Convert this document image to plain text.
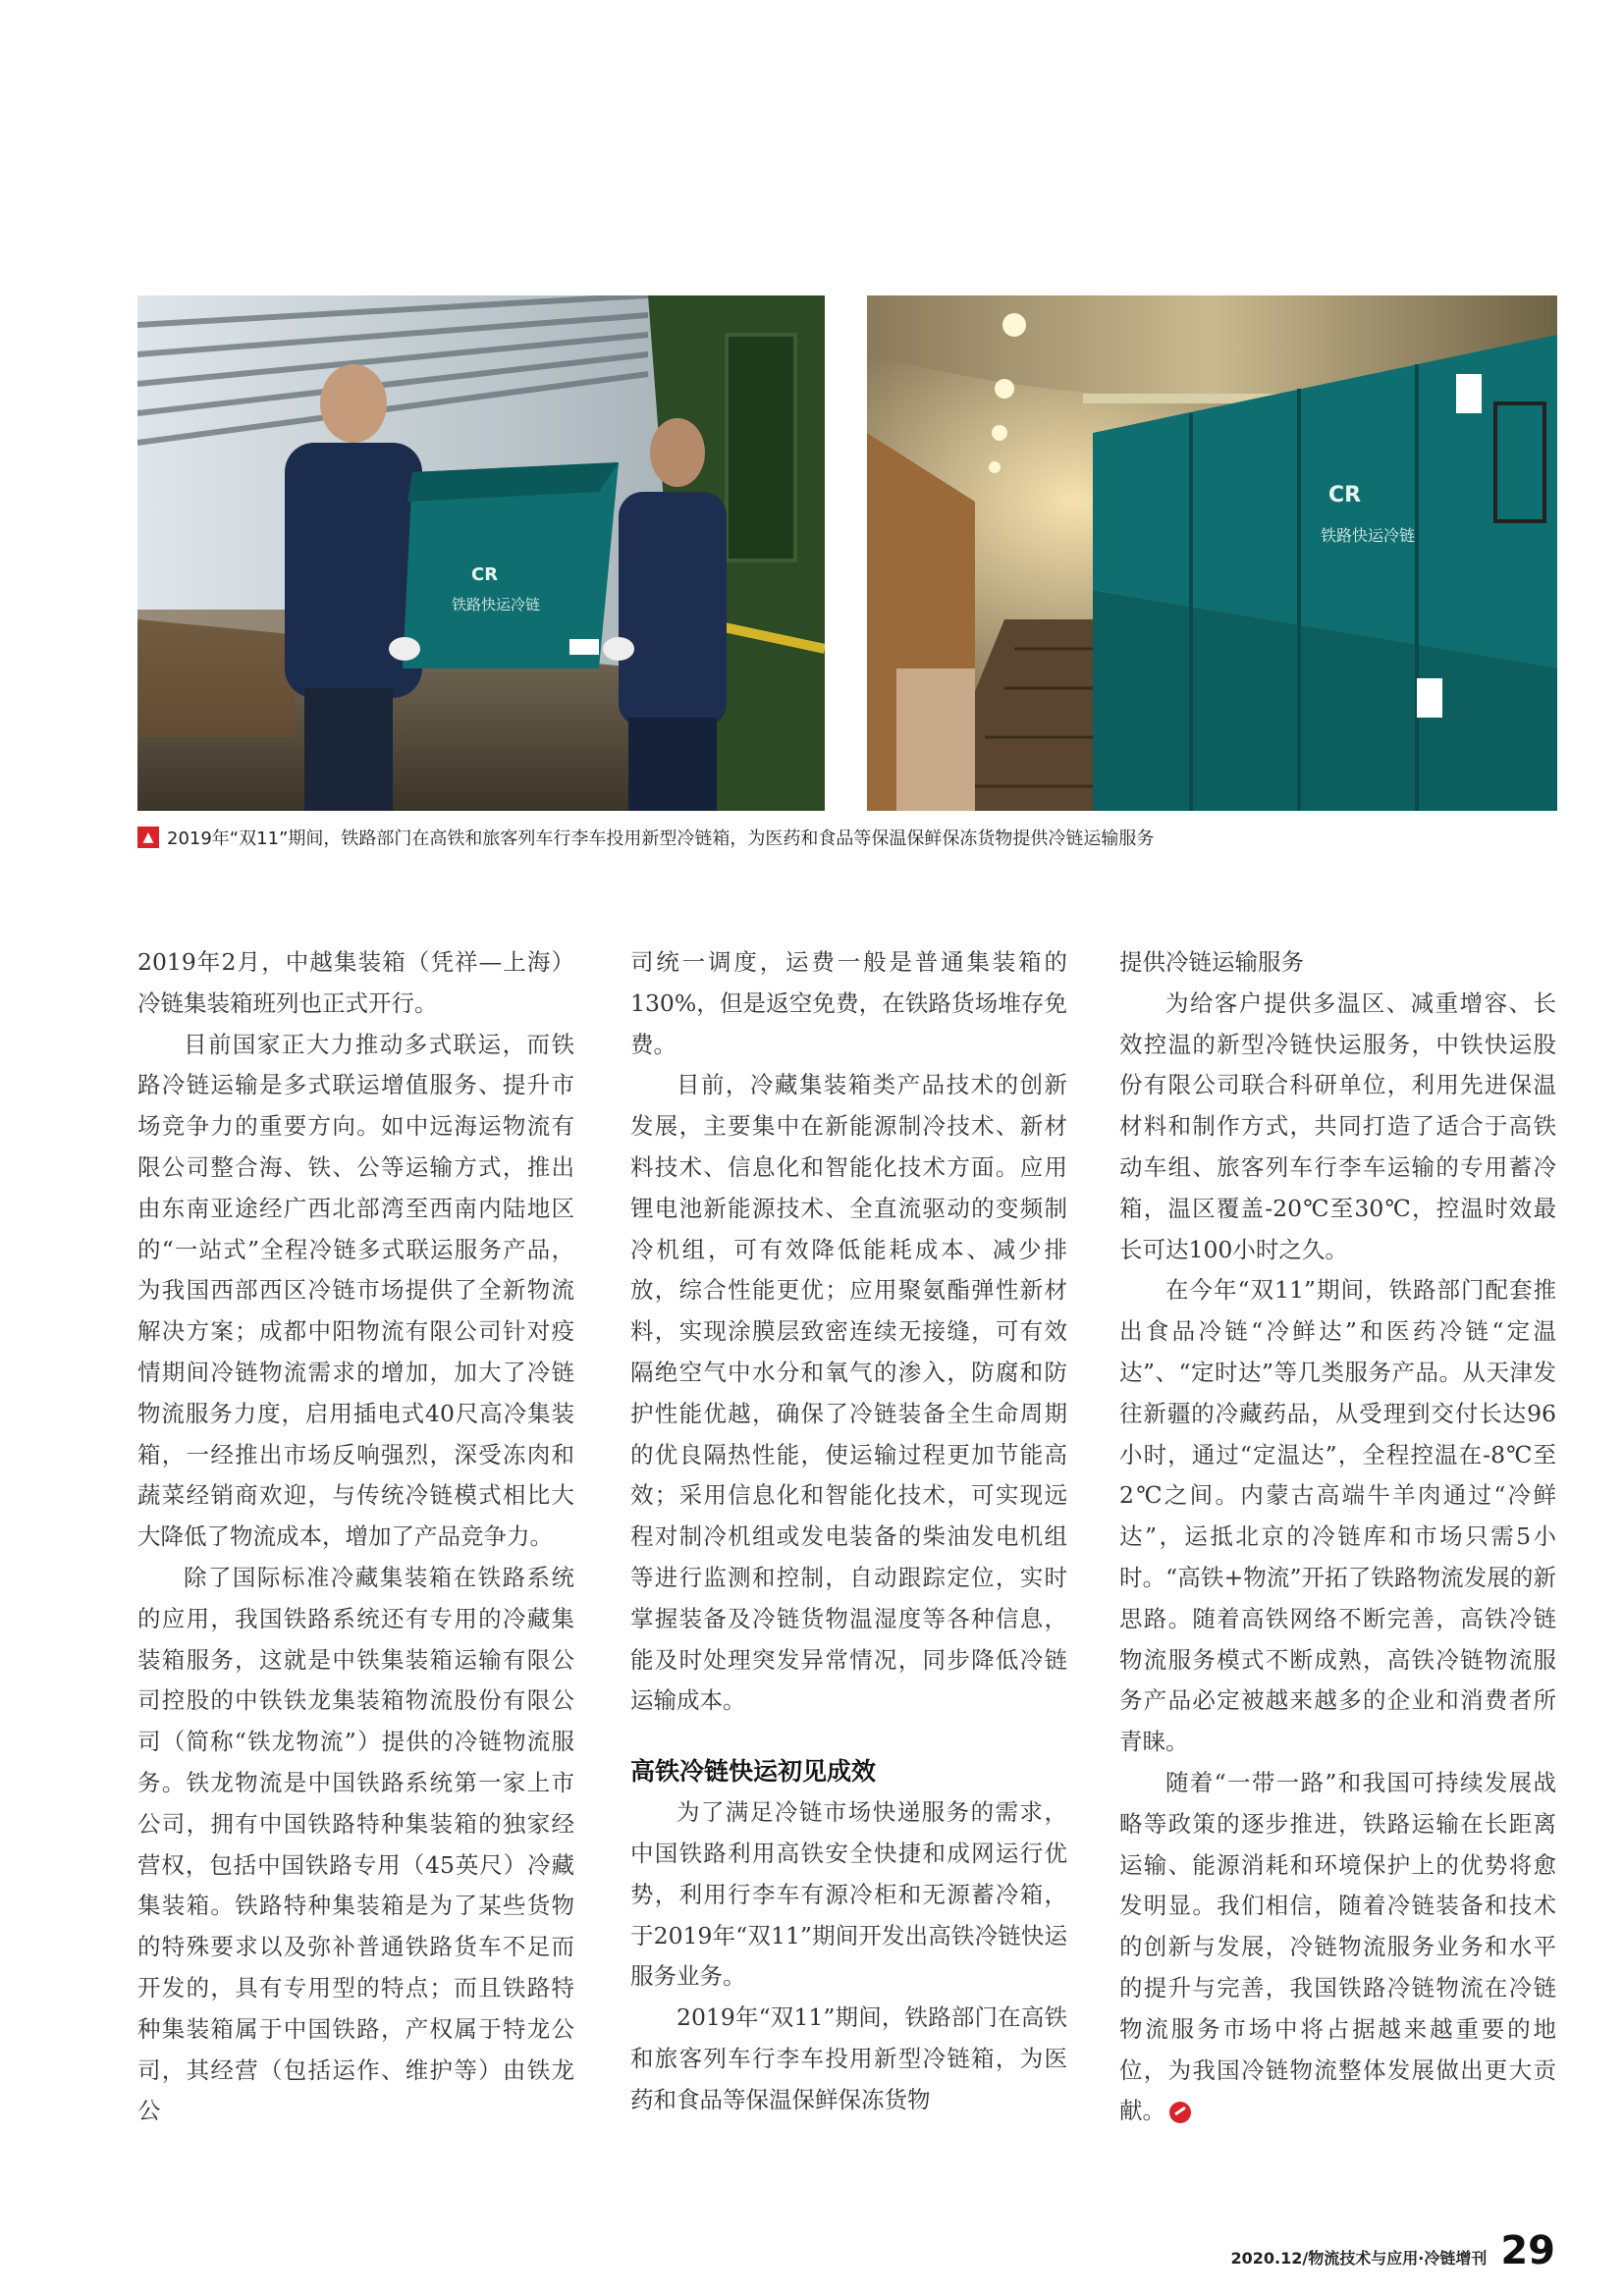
CR
铁路快运冷链
CR
铁路快运冷链
▲ 2019年“双11”期间，铁路部门在高铁和旅客列车行李车投用新型冷链箱，为医药和食品等保温保鲜保冻货物提供冷链运输服务

2019年2月，中越集装箱（凭祥—上海）冷链集装箱班列也正式开行。

目前国家正大力推动多式联运，而铁路冷链运输是多式联运增值服务、提升市场竞争力的重要方向。如中远海运物流有限公司整合海、铁、公等运输方式，推出由东南亚途经广西北部湾至西南内陆地区的“一站式”全程冷链多式联运服务产品，为我国西部西区冷链市场提供了全新物流解决方案；成都中阳物流有限公司针对疫情期间冷链物流需求的增加，加大了冷链物流服务力度，启用插电式40尺高冷集装箱，一经推出市场反响强烈，深受冻肉和蔬菜经销商欢迎，与传统冷链模式相比大大降低了物流成本，增加了产品竞争力。

除了国际标准冷藏集装箱在铁路系统的应用，我国铁路系统还有专用的冷藏集装箱服务，这就是中铁集装箱运输有限公司控股的中铁铁龙集装箱物流股份有限公司（简称“铁龙物流”）提供的冷链物流服务。铁龙物流是中国铁路系统第一家上市公司，拥有中国铁路特种集装箱的独家经营权，包括中国铁路专用（45英尺）冷藏集装箱。铁路特种集装箱是为了某些货物的特殊要求以及弥补普通铁路货车不足而开发的，具有专用型的特点；而且铁路特种集装箱属于中国铁路，产权属于特龙公司，其经营（包括运作、维护等）由铁龙公

司统一调度，运费一般是普通集装箱的130%，但是返空免费，在铁路货场堆存免费。

目前，冷藏集装箱类产品技术的创新发展，主要集中在新能源制冷技术、新材料技术、信息化和智能化技术方面。应用锂电池新能源技术、全直流驱动的变频制冷机组，可有效降低能耗成本、减少排放，综合性能更优；应用聚氨酯弹性新材料，实现涂膜层致密连续无接缝，可有效隔绝空气中水分和氧气的渗入，防腐和防护性能优越，确保了冷链装备全生命周期的优良隔热性能，使运输过程更加节能高效；采用信息化和智能化技术，可实现远程对制冷机组或发电装备的柴油发电机组等进行监测和控制，自动跟踪定位，实时掌握装备及冷链货物温湿度等各种信息，能及时处理突发异常情况，同步降低冷链运输成本。

高铁冷链快运初见成效

为了满足冷链市场快递服务的需求，中国铁路利用高铁安全快捷和成网运行优势，利用行李车有源冷柜和无源蓄冷箱，于2019年“双11”期间开发出高铁冷链快运服务业务。

2019年“双11”期间，铁路部门在高铁和旅客列车行李车投用新型冷链箱，为医药和食品等保温保鲜保冻货物

提供冷链运输服务

为给客户提供多温区、减重增容、长效控温的新型冷链快运服务，中铁快运股份有限公司联合科研单位，利用先进保温材料和制作方式，共同打造了适合于高铁动车组、旅客列车行李车运输的专用蓄冷箱，温区覆盖-20℃至30℃，控温时效最长可达100小时之久。

在今年“双11”期间，铁路部门配套推出食品冷链“冷鲜达”和医药冷链“定温达”、“定时达”等几类服务产品。从天津发往新疆的冷藏药品，从受理到交付长达96小时，通过“定温达”，全程控温在-8℃至2℃之间。内蒙古高端牛羊肉通过“冷鲜达”，运抵北京的冷链库和市场只需5小时。“高铁+物流”开拓了铁路物流发展的新思路。随着高铁网络不断完善，高铁冷链物流服务模式不断成熟，高铁冷链物流服务产品必定被越来越多的企业和消费者所青睐。

随着“一带一路”和我国可持续发展战略等政策的逐步推进，铁路运输在长距离运输、能源消耗和环境保护上的优势将愈发明显。我们相信，随着冷链装备和技术的创新与发展，冷链物流服务业务和水平的提升与完善，我国铁路冷链物流在冷链物流服务市场中将占据越来越重要的地位，为我国冷链物流整体发展做出更大贡献。

2020.12/物流技术与应用·冷链增刊 29
